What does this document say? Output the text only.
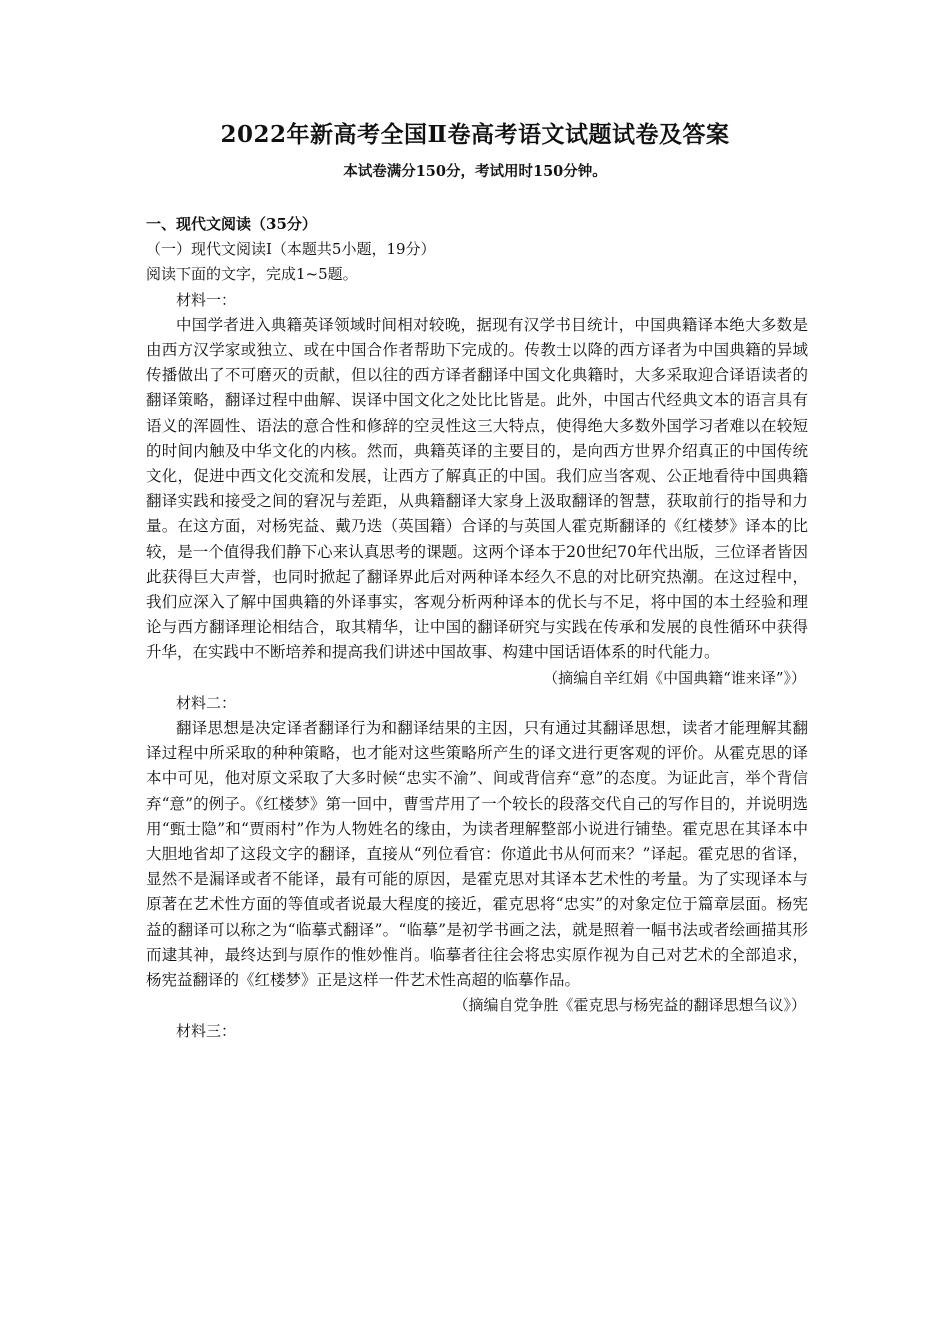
2022年新高考全国Ⅱ卷高考语文试题试卷及答案
本试卷满分150分，考试用时150分钟。

一、现代文阅读（35分）

（一）现代文阅读Ⅰ（本题共5小题，19分）

阅读下面的文字，完成1~5题。

材料一：

中国学者进入典籍英译领域时间相对较晚，据现有汉学书目统计，中国典籍译本绝大多数是由西方汉学家或独立、或在中国合作者帮助下完成的。传教士以降的西方译者为中国典籍的异域传播做出了不可磨灭的贡献，但以往的西方译者翻译中国文化典籍时，大多采取迎合译语读者的翻译策略，翻译过程中曲解、误译中国文化之处比比皆是。此外，中国古代经典文本的语言具有语义的浑圆性、语法的意合性和修辞的空灵性这三大特点，使得绝大多数外国学习者难以在较短的时间内触及中华文化的内核。然而，典籍英译的主要目的，是向西方世界介绍真正的中国传统文化，促进中西文化交流和发展，让西方了解真正的中国。我们应当客观、公正地看待中国典籍翻译实践和接受之间的窘况与差距，从典籍翻译大家身上汲取翻译的智慧，获取前行的指导和力量。在这方面，对杨宪益、戴乃迭（英国籍）合译的与英国人霍克斯翻译的《红楼梦》译本的比较，是一个值得我们静下心来认真思考的课题。这两个译本于20世纪70年代出版，三位译者皆因此获得巨大声誉，也同时掀起了翻译界此后对两种译本经久不息的对比研究热潮。在这过程中，我们应深入了解中国典籍的外译事实，客观分析两种译本的优长与不足，将中国的本土经验和理论与西方翻译理论相结合，取其精华，让中国的翻译研究与实践在传承和发展的良性循环中获得升华，在实践中不断培养和提高我们讲述中国故事、构建中国话语体系的时代能力。

（摘编自辛红娟《中国典籍“谁来译”》）

材料二：

翻译思想是决定译者翻译行为和翻译结果的主因，只有通过其翻译思想，读者才能理解其翻译过程中所采取的种种策略，也才能对这些策略所产生的译文进行更客观的评价。从霍克思的译本中可见，他对原文采取了大多时候“忠实不渝”、间或背信弃“意”的态度。为证此言，举个背信弃“意”的例子。《红楼梦》第一回中，曹雪芹用了一个较长的段落交代自己的写作目的，并说明选用“甄士隐”和“贾雨村”作为人物姓名的缘由，为读者理解整部小说进行铺垫。霍克思在其译本中大胆地省却了这段文字的翻译，直接从“列位看官：你道此书从何而来？”译起。霍克思的省译，显然不是漏译或者不能译，最有可能的原因，是霍克思对其译本艺术性的考量。为了实现译本与原著在艺术性方面的等值或者说最大程度的接近，霍克思将“忠实”的对象定位于篇章层面。杨宪益的翻译可以称之为“临摹式翻译”。“临摹”是初学书画之法，就是照着一幅书法或者绘画描其形而逮其神，最终达到与原作的惟妙惟肖。临摹者往往会将忠实原作视为自己对艺术的全部追求，杨宪益翻译的《红楼梦》正是这样一件艺术性高超的临摹作品。

（摘编自党争胜《霍克思与杨宪益的翻译思想刍议》）

材料三：
